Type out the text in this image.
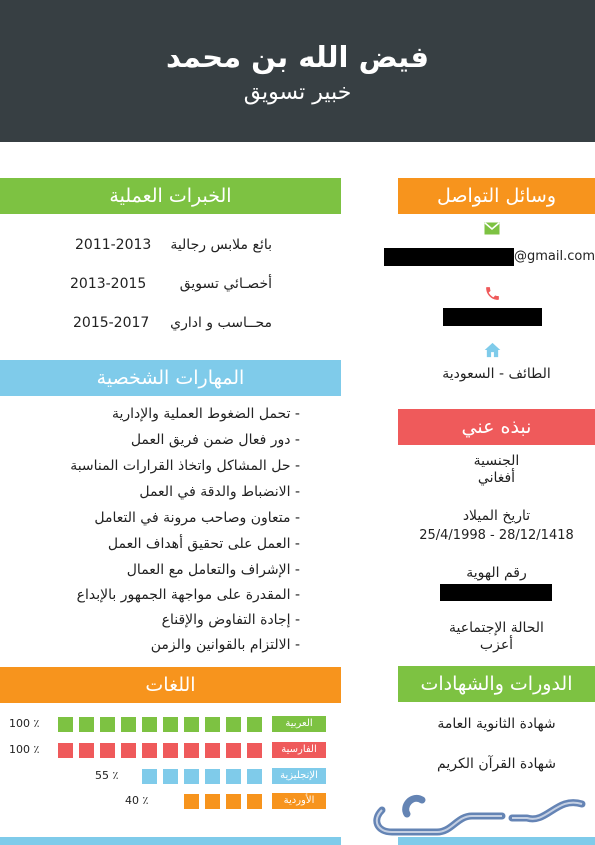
فيض الله بن محمد
خبير تسويق
وسائل التواصل
@gmail.com
الطائف - السعودية
نبذه عني
الجنسية
أفغاني
تاريخ الميلاد
25/4/1998 - 28/12/1418
رقم الهوية
الحالة الإجتماعية
أعزب
الدورات والشهادات
شهادة الثانوية العامة
شهادة القرآن الكريم
الخبرات العملية
بائع ملابس رجالية
2011-2013
أخصـائي تسويق
2013-2015
محــاسب و اداري
2015-2017
المهارات الشخصية
- تحمل الضغوط العملية والإدارية
- دور فعال ضمن فريق العمل
- حل المشاكل واتخاذ القرارات المناسبة
- الانضباط والدقة في العمل
- متعاون وصاحب مرونة في التعامل
- العمل على تحقيق أهداف العمل
- الإشراف والتعامل مع العمال
- المقدرة على مواجهة الجمهور بالإبداع
- إجادة التفاوض والإقناع
- الالتزام بالقوانين والزمن
اللغات
العربية
100 ٪
الفارسية
100 ٪
الإنجليزية
55 ٪
الأوردية
40 ٪
